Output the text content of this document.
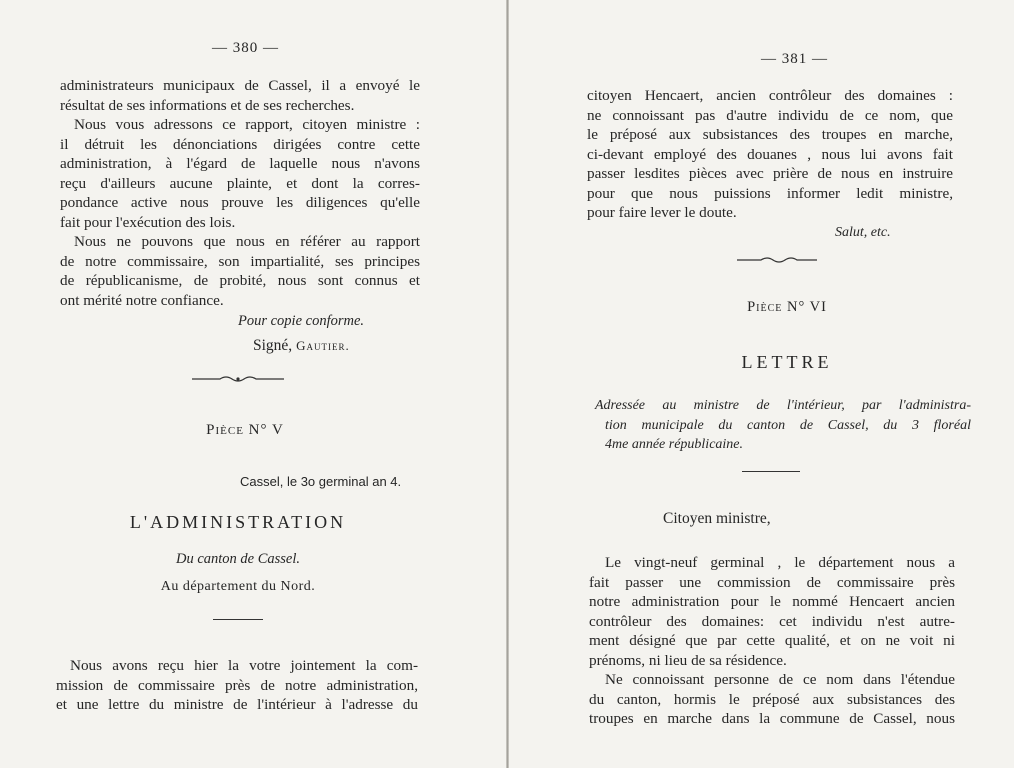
— 380 —
administrateurs municipaux de Cassel, il a envoyé le
résultat de ses informations et de ses recherches.
Nous vous adressons ce rapport, citoyen ministre :
il détruit les dénonciations dirigées contre cette
administration, à l'égard de laquelle nous n'avons
reçu d'ailleurs aucune plainte, et dont la corres-
pondance active nous prouve les diligences qu'elle
fait pour l'exécution des lois.
Nous ne pouvons que nous en référer au rapport
de notre commissaire, son impartialité, ses principes
de républicanisme, de probité, nous sont connus et
ont mérité notre confiance.
Pour copie conforme.
Signé, Gautier.
Pièce N° V
Cassel, le 3o germinal an 4.
L'ADMINISTRATION
Du canton de Cassel.
Au département du Nord.
Nous avons reçu hier la votre jointement la com-
mission de commissaire près de notre administration,
et une lettre du ministre de l'intérieur à l'adresse du
— 381 —
citoyen Hencaert, ancien contrôleur des domaines :
ne connoissant pas d'autre individu de ce nom, que
le préposé aux subsistances des troupes en marche,
ci-devant employé des douanes , nous lui avons fait
passer lesdites pièces avec prière de nous en instruire
pour que nous puissions informer ledit ministre,
pour faire lever le doute.
Salut, etc.
Pièce N° VI
LETTRE
Adressée au ministre de l'intérieur, par l'administra-
tion municipale du canton de Cassel, du 3 floréal
4me année républicaine.
Citoyen ministre,
Le vingt-neuf germinal , le département nous a
fait passer une commission de commissaire près
notre administration pour le nommé Hencaert ancien
contrôleur des domaines: cet individu n'est autre-
ment désigné que par cette qualité, et on ne voit ni
prénoms, ni lieu de sa résidence.
Ne connoissant personne de ce nom dans l'étendue
du canton, hormis le préposé aux subsistances des
troupes en marche dans la commune de Cassel, nous
